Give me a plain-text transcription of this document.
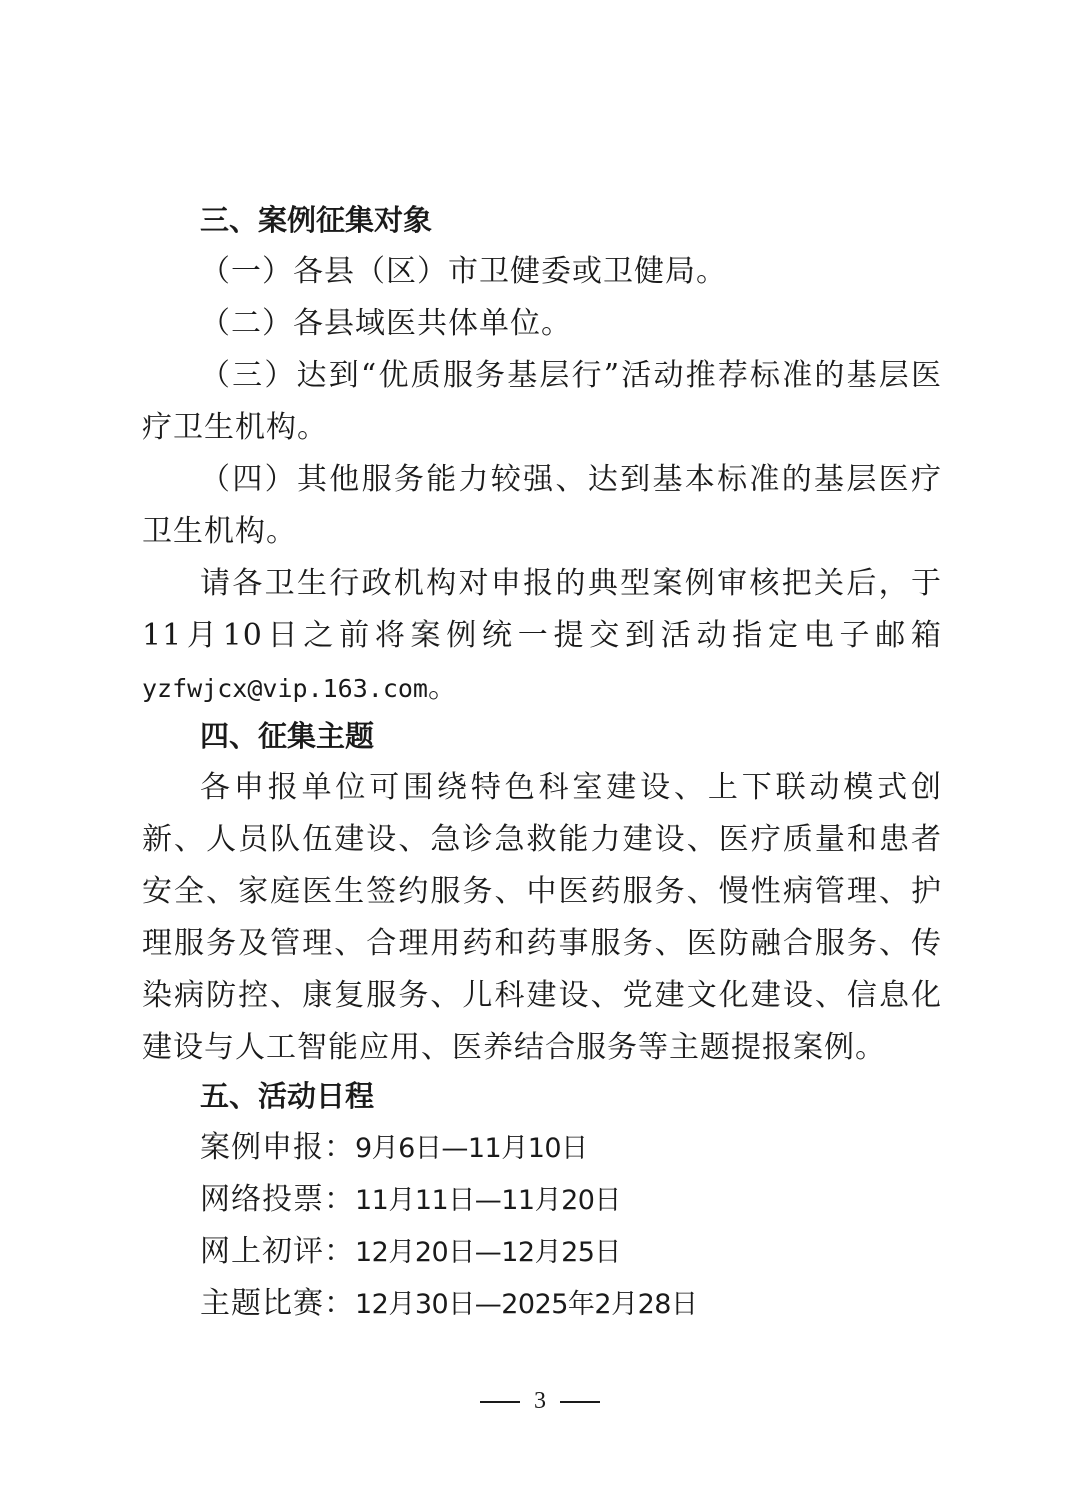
三、案例征集对象
（一）各县（区）市卫健委或卫健局。
（二）各县域医共体单位。
（三）达到“优质服务基层行”活动推荐标准的基层医疗卫生机构。
（四）其他服务能力较强、达到基本标准的基层医疗卫生机构。
请各卫生行政机构对申报的典型案例审核把关后，于11月10日之前将案例统一提交到活动指定电子邮箱yzfwjcx@vip.163.com。
四、征集主题
各申报单位可围绕特色科室建设、上下联动模式创新、人员队伍建设、急诊急救能力建设、医疗质量和患者安全、家庭医生签约服务、中医药服务、慢性病管理、护理服务及管理、合理用药和药事服务、医防融合服务、传染病防控、康复服务、儿科建设、党建文化建设、信息化建设与人工智能应用、医养结合服务等主题提报案例。
五、活动日程
案例申报：9月6日—11月10日
网络投票：11月11日—11月20日
网上初评：12月20日—12月25日
主题比赛：12月30日—2025年2月28日
3
